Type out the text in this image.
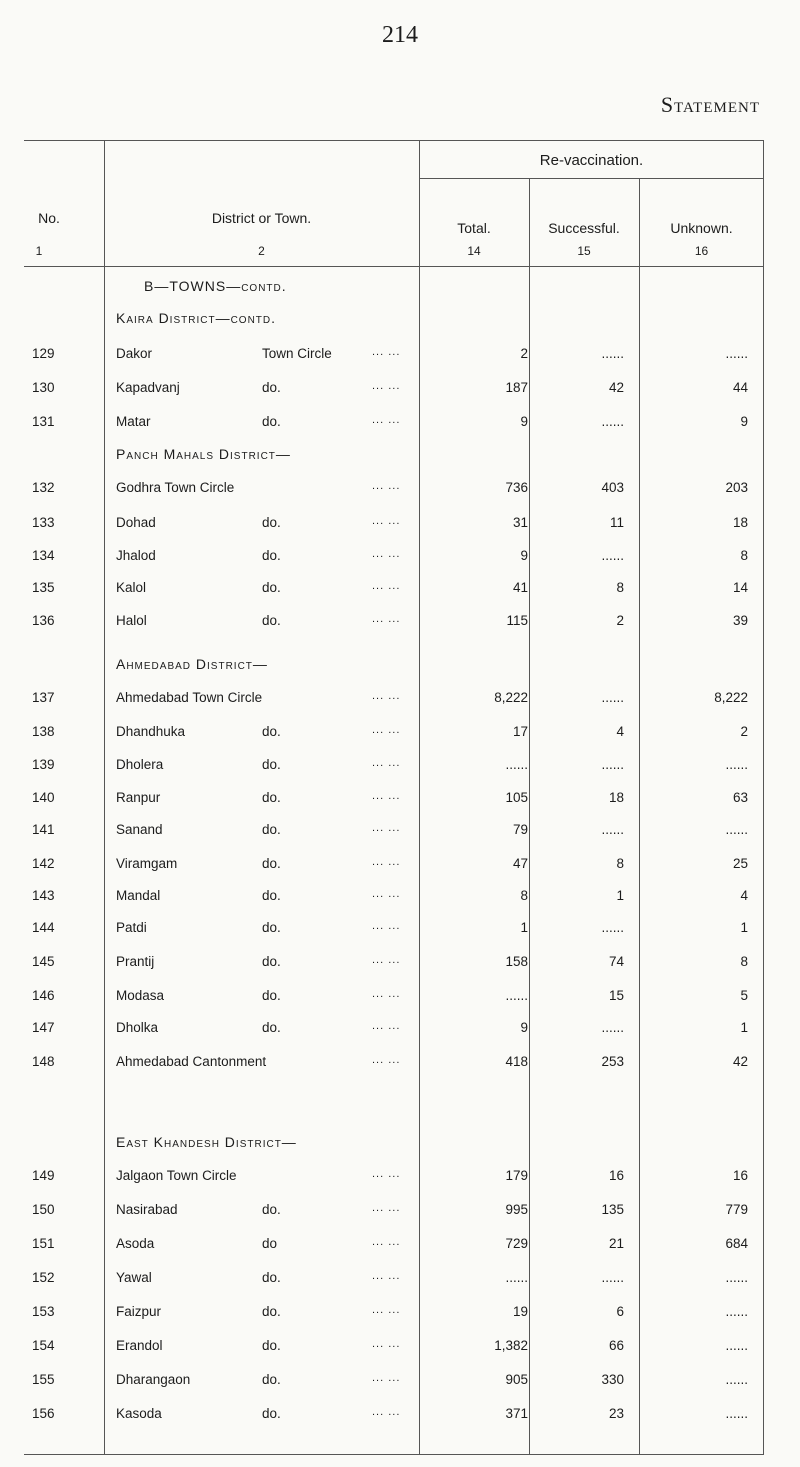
214
Statement
No.	District or Town.
Re-vaccination.
Total.	Successful.	Unknown.
1	2	14	15	16
B—TOWNS—contd.
Kaira District—contd.
Panch Mahals District—
Ahmedabad District—
East Khandesh District—
129	Dakor	Town Circle	... ...	2	......	......
130	Kapadvanj	do.	... ...	187	42	44
131	Matar	do.	... ...	9	......	9
132	Godhra Town Circle	... ...	736	403	203
133	Dohad	do.	... ...	31	11	18
134	Jhalod	do.	... ...	9	......	8
135	Kalol	do.	... ...	41	8	14
136	Halol	do.	... ...	115	2	39
137	Ahmedabad Town Circle	... ...	8,222	......	8,222
138	Dhandhuka	do.	... ...	17	4	2
139	Dholera	do.	... ...	......	......	......
140	Ranpur	do.	... ...	105	18	63
141	Sanand	do.	... ...	79	......	......
142	Viramgam	do.	... ...	47	8	25
143	Mandal	do.	... ...	8	1	4
144	Patdi	do.	... ...	1	......	1
145	Prantij	do.	... ...	158	74	8
146	Modasa	do.	... ...	......	15	5
147	Dholka	do.	... ...	9	......	1
148	Ahmedabad Cantonment	... ...	418	253	42
149	Jalgaon Town Circle	... ...	179	16	16
150	Nasirabad	do.	... ...	995	135	779
151	Asoda	do	... ...	729	21	684
152	Yawal	do.	... ...	......	......	......
153	Faizpur	do.	... ...	19	6	......
154	Erandol	do.	... ...	1,382	66	......
155	Dharangaon	do.	... ...	905	330	......
156	Kasoda	do.	... ...	371	23	......
